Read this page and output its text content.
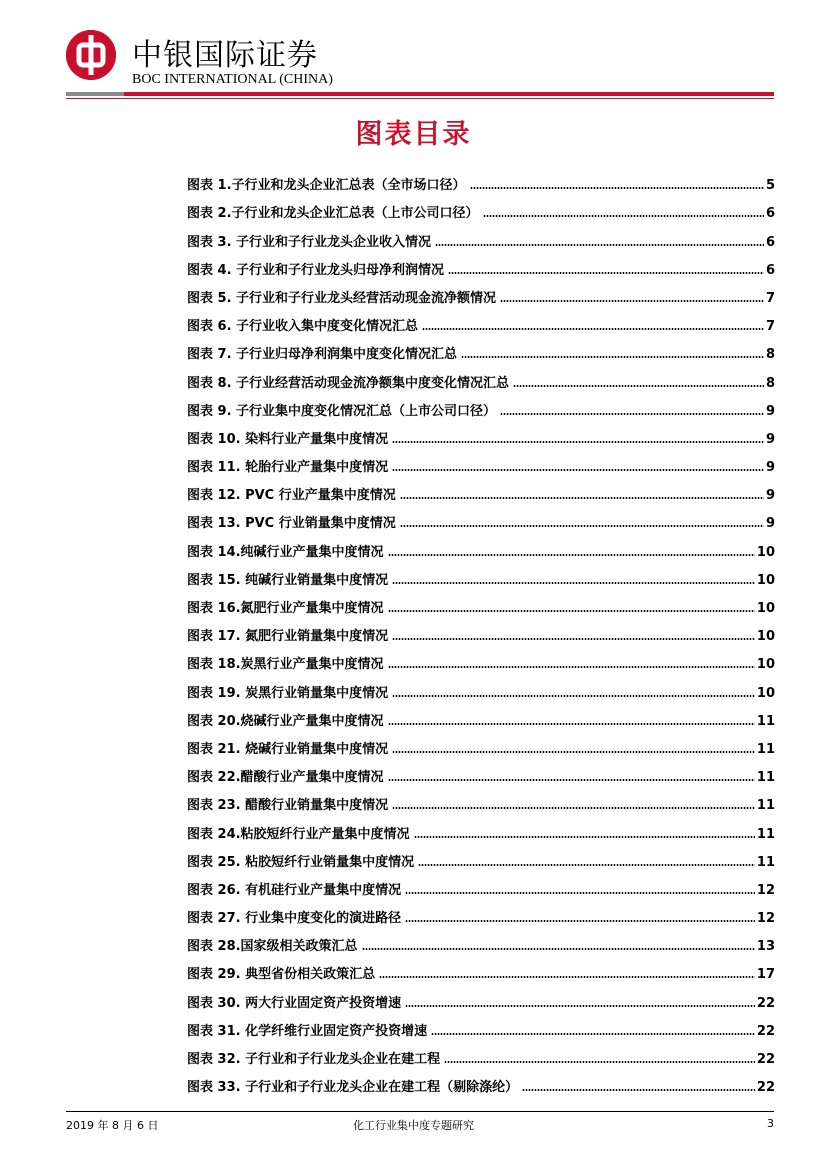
中银国际证券
BOC INTERNATIONAL (CHINA)
图表目录
图表 1.子行业和龙头企业汇总表（全市场口径）	5
图表 2.子行业和龙头企业汇总表（上市公司口径）	6
图表 3. 子行业和子行业龙头企业收入情况	6
图表 4. 子行业和子行业龙头归母净利润情况	6
图表 5. 子行业和子行业龙头经营活动现金流净额情况	7
图表 6. 子行业收入集中度变化情况汇总	7
图表 7. 子行业归母净利润集中度变化情况汇总	8
图表 8. 子行业经营活动现金流净额集中度变化情况汇总	8
图表 9. 子行业集中度变化情况汇总（上市公司口径）	9
图表 10. 染料行业产量集中度情况	9
图表 11. 轮胎行业产量集中度情况	9
图表 12. PVC 行业产量集中度情况	9
图表 13. PVC 行业销量集中度情况	9
图表 14.纯碱行业产量集中度情况	10
图表 15. 纯碱行业销量集中度情况	10
图表 16.氮肥行业产量集中度情况	10
图表 17. 氮肥行业销量集中度情况	10
图表 18.炭黑行业产量集中度情况	10
图表 19. 炭黑行业销量集中度情况	10
图表 20.烧碱行业产量集中度情况	11
图表 21. 烧碱行业销量集中度情况	11
图表 22.醋酸行业产量集中度情况	11
图表 23. 醋酸行业销量集中度情况	11
图表 24.粘胶短纤行业产量集中度情况	11
图表 25. 粘胶短纤行业销量集中度情况	11
图表 26. 有机硅行业产量集中度情况	12
图表 27. 行业集中度变化的演进路径	12
图表 28.国家级相关政策汇总	13
图表 29. 典型省份相关政策汇总	17
图表 30. 两大行业固定资产投资增速	22
图表 31. 化学纤维行业固定资产投资增速	22
图表 32. 子行业和子行业龙头企业在建工程	22
图表 33. 子行业和子行业龙头企业在建工程（剔除涤纶）	22
2019 年 8 月 6 日	化工行业集中度专题研究	3
